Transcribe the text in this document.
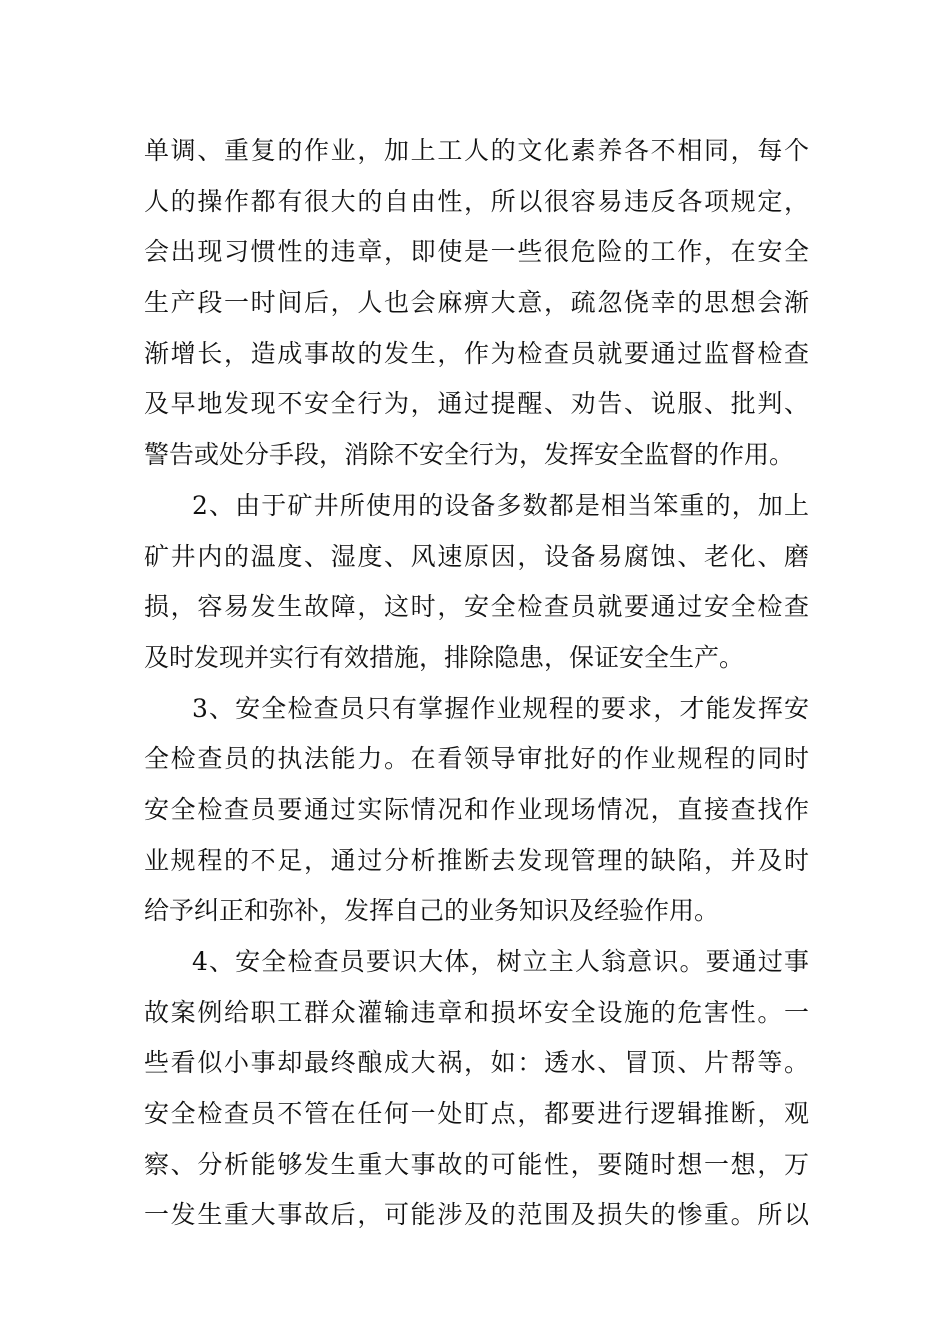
单调、重复的作业，加上工人的文化素养各不相同，每个
人的操作都有很大的自由性，所以很容易违反各项规定，
会出现习惯性的违章，即使是一些很危险的工作，在安全
生产段一时间后，人也会麻痹大意，疏忽侥幸的思想会渐
渐增长，造成事故的发生，作为检查员就要通过监督检查
及早地发现不安全行为，通过提醒、劝告、说服、批判、
警告或处分手段，消除不安全行为，发挥安全监督的作用。
2、由于矿井所使用的设备多数都是相当笨重的，加上
矿井内的温度、湿度、风速原因，设备易腐蚀、老化、磨
损，容易发生故障，这时，安全检查员就要通过安全检查
及时发现并实行有效措施，排除隐患，保证安全生产。
3、安全检查员只有掌握作业规程的要求，才能发挥安
全检查员的执法能力。在看领导审批好的作业规程的同时
安全检查员要通过实际情况和作业现场情况，直接查找作
业规程的不足，通过分析推断去发现管理的缺陷，并及时
给予纠正和弥补，发挥自己的业务知识及经验作用。
4、安全检查员要识大体，树立主人翁意识。要通过事
故案例给职工群众灌输违章和损坏安全设施的危害性。一
些看似小事却最终酿成大祸，如：透水、冒顶、片帮等。
安全检查员不管在任何一处盯点，都要进行逻辑推断，观
察、分析能够发生重大事故的可能性，要随时想一想，万
一发生重大事故后，可能涉及的范围及损失的惨重。所以
